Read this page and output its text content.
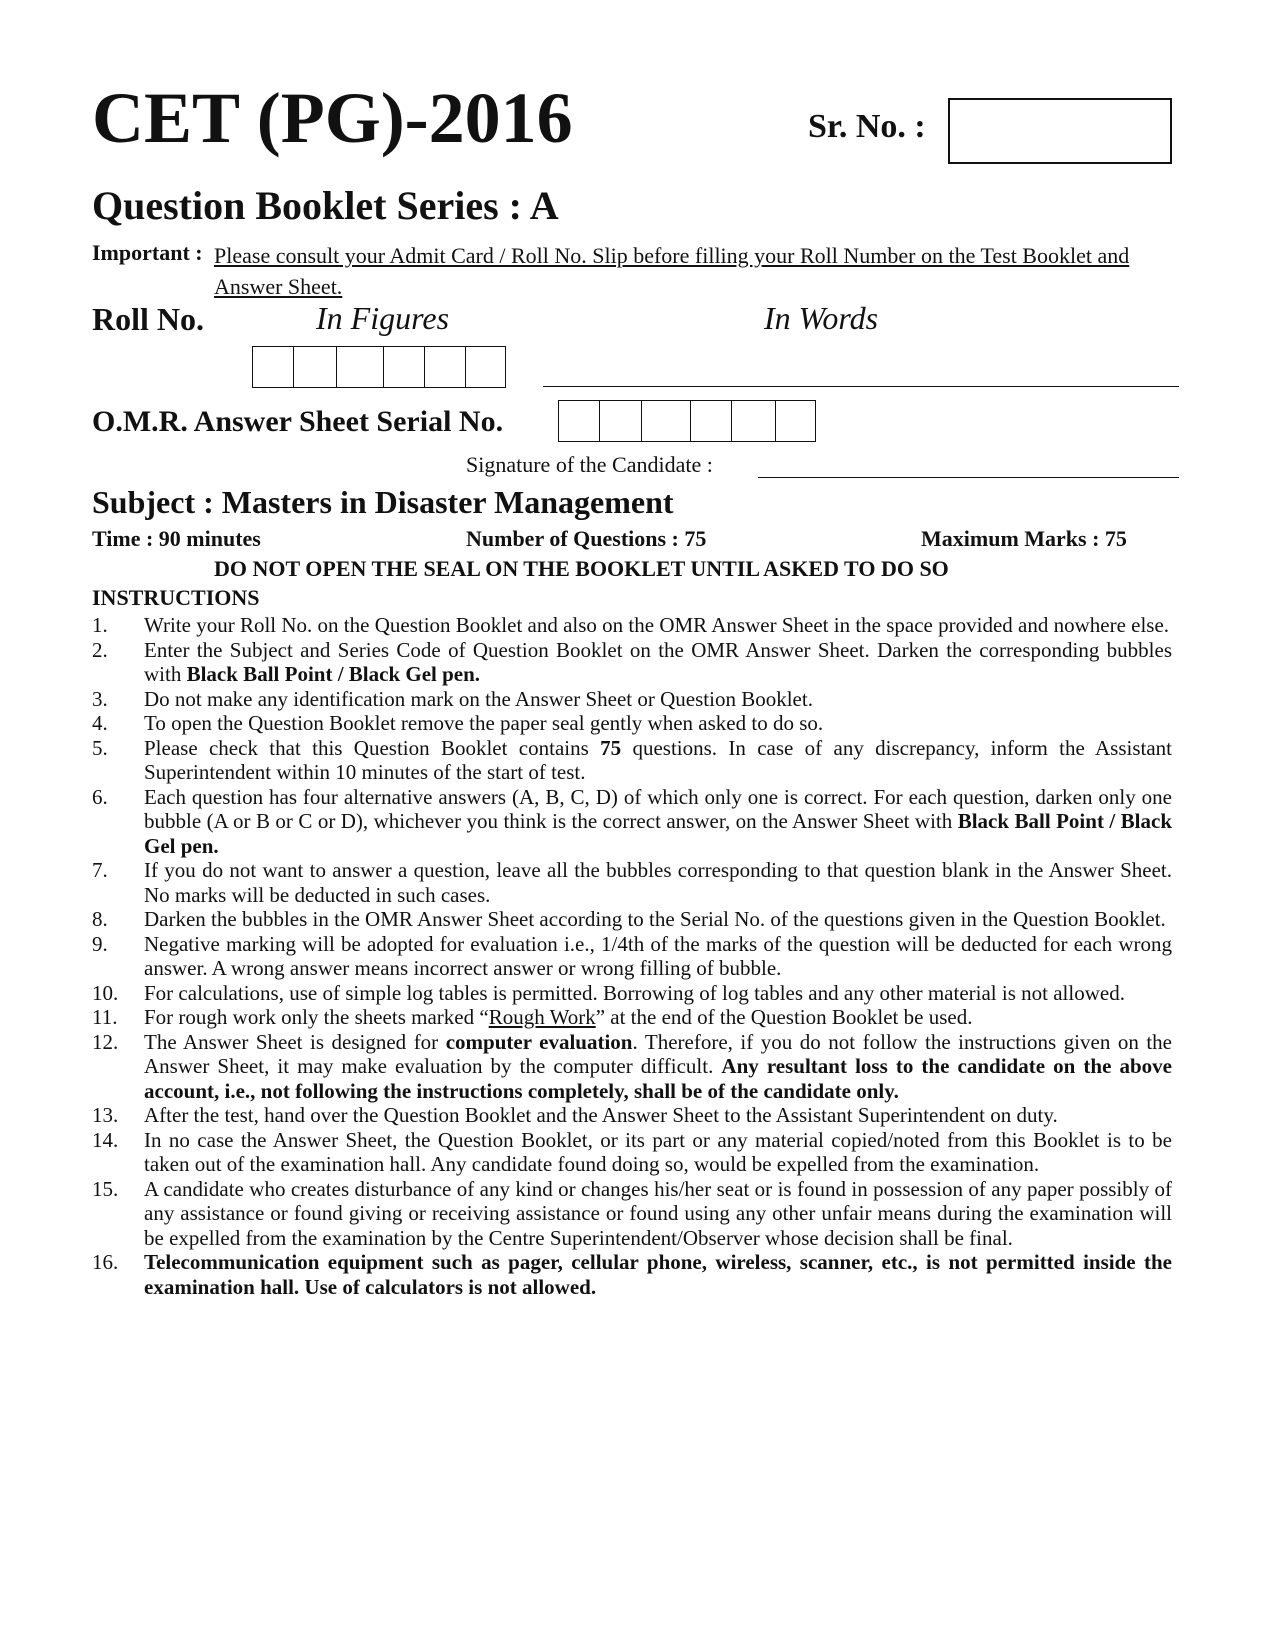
CET (PG)-2016	Sr. No. :
Question Booklet Series : A
Important : Please consult your Admit Card / Roll No. Slip before filling your Roll Number on the Test Booklet and Answer Sheet.
Roll No.	In Figures	In Words
O.M.R. Answer Sheet Serial No.
Signature of the Candidate :
Subject : Masters in Disaster Management
Time : 90 minutes	Number of Questions : 75	Maximum Marks : 75
DO NOT OPEN THE SEAL ON THE BOOKLET UNTIL ASKED TO DO SO
INSTRUCTIONS
1.	Write your Roll No. on the Question Booklet and also on the OMR Answer Sheet in the space provided and nowhere else.
2.	Enter the Subject and Series Code of Question Booklet on the OMR Answer Sheet. Darken the corresponding bubbles with Black Ball Point / Black Gel pen.
3.	Do not make any identification mark on the Answer Sheet or Question Booklet.
4.	To open the Question Booklet remove the paper seal gently when asked to do so.
5.	Please check that this Question Booklet contains 75 questions. In case of any discrepancy, inform the Assistant Superintendent within 10 minutes of the start of test.
6.	Each question has four alternative answers (A, B, C, D) of which only one is correct. For each question, darken only one bubble (A or B or C or D), whichever you think is the correct answer, on the Answer Sheet with Black Ball Point / Black Gel pen.
7.	If you do not want to answer a question, leave all the bubbles corresponding to that question blank in the Answer Sheet. No marks will be deducted in such cases.
8.	Darken the bubbles in the OMR Answer Sheet according to the Serial No. of the questions given in the Question Booklet.
9.	Negative marking will be adopted for evaluation i.e., 1/4th of the marks of the question will be deducted for each wrong answer. A wrong answer means incorrect answer or wrong filling of bubble.
10.	For calculations, use of simple log tables is permitted. Borrowing of log tables and any other material is not allowed.
11.	For rough work only the sheets marked “Rough Work” at the end of the Question Booklet be used.
12.	The Answer Sheet is designed for computer evaluation. Therefore, if you do not follow the instructions given on the Answer Sheet, it may make evaluation by the computer difficult. Any resultant loss to the candidate on the above account, i.e., not following the instructions completely, shall be of the candidate only.
13.	After the test, hand over the Question Booklet and the Answer Sheet to the Assistant Superintendent on duty.
14.	In no case the Answer Sheet, the Question Booklet, or its part or any material copied/noted from this Booklet is to be taken out of the examination hall. Any candidate found doing so, would be expelled from the examination.
15.	A candidate who creates disturbance of any kind or changes his/her seat or is found in possession of any paper possibly of any assistance or found giving or receiving assistance or found using any other unfair means during the examination will be expelled from the examination by the Centre Superintendent/Observer whose decision shall be final.
16.	Telecommunication equipment such as pager, cellular phone, wireless, scanner, etc., is not permitted inside the examination hall. Use of calculators is not allowed.
